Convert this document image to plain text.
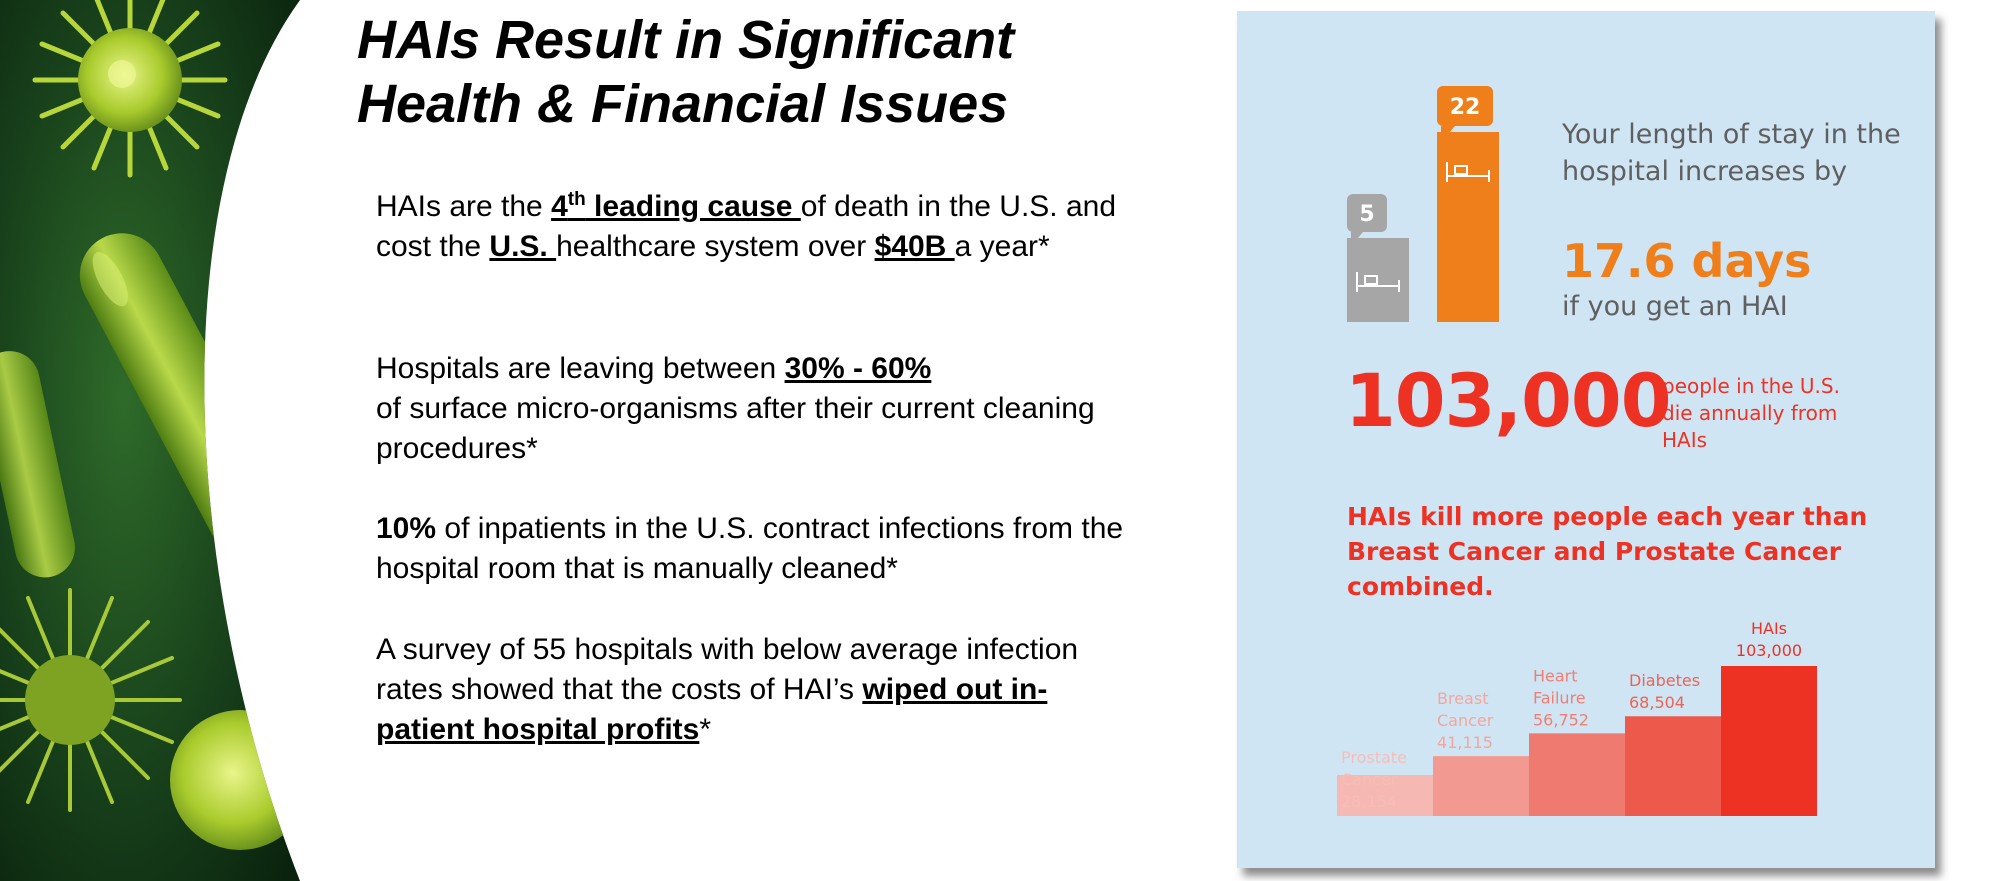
HAIs Result in Significant
Health & Financial Issues

HAIs are the 4th leading cause of death in the U.S. and cost the U.S. healthcare system over $40B a year*

Hospitals are leaving between 30% - 60%
of surface micro-organisms after their current cleaning procedures*

10% of inpatients in the U.S. contract infections from the hospital room that is manually cleaned*

A survey of 55 hospitals with below average infection rates showed that the costs of HAI’s wiped out in-patient hospital profits*

5
22
Your length of stay in the hospital increases by
17.6 days
if you get an HAI
103,000
people in the U.S. die annually from HAIs
HAIs kill more people each year than Breast Cancer and Prostate Cancer combined.
Prostate
Cancer
28,154
Breast
Cancer
41,115
Heart
Failure
56,752
Diabetes
68,504
HAIs
103,000
